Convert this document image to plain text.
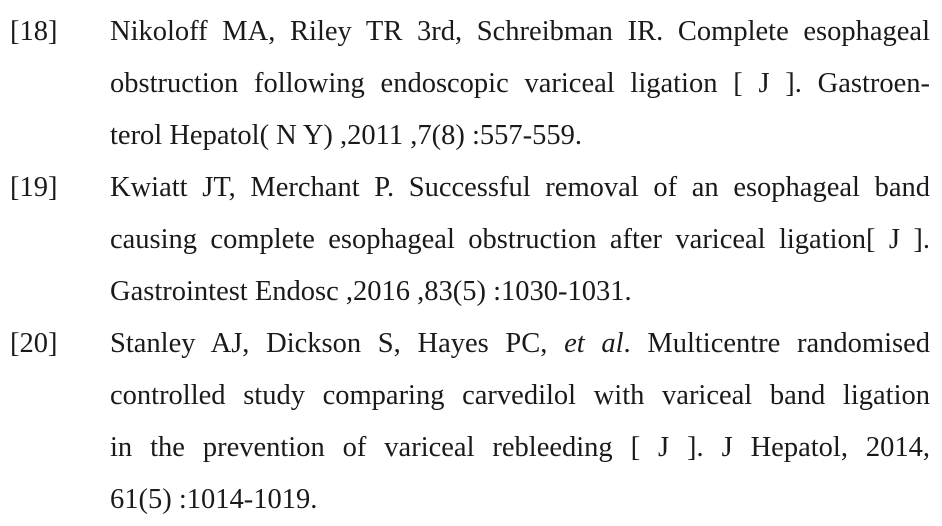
[18] Nikoloff MA, Riley TR 3rd, Schreibman IR. Complete esophageal
obstruction following endoscopic variceal ligation [ J ]. Gastroen-
terol Hepatol( N Y) ,2011 ,7(8) :557-559.
[19] Kwiatt JT, Merchant P. Successful removal of an esophageal band
causing complete esophageal obstruction after variceal ligation[ J ].
Gastrointest Endosc ,2016 ,83(5) :1030-1031.
[20] Stanley AJ, Dickson S, Hayes PC, et al. Multicentre randomised
controlled study comparing carvedilol with variceal band ligation
in the prevention of variceal rebleeding [ J ]. J Hepatol, 2014,
61(5) :1014-1019.
